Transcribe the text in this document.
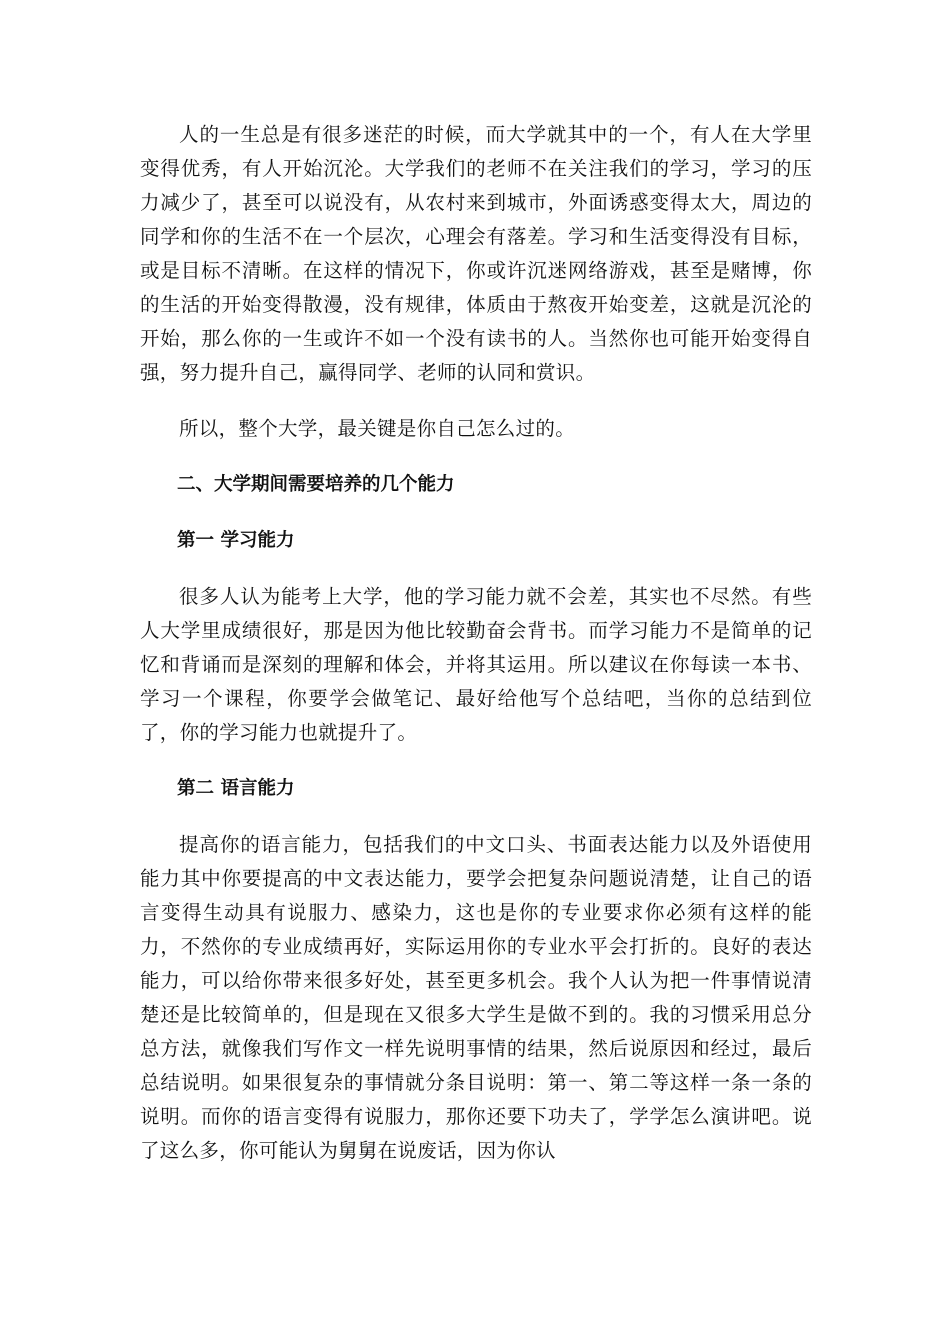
人的一生总是有很多迷茫的时候，而大学就其中的一个，有人在大学里变得优秀，有人开始沉沦。大学我们的老师不在关注我们的学习，学习的压力减少了，甚至可以说没有，从农村来到城市，外面诱惑变得太大，周边的同学和你的生活不在一个层次，心理会有落差。学习和生活变得没有目标，或是目标不清晰。在这样的情况下，你或许沉迷网络游戏，甚至是赌博，你的生活的开始变得散漫，没有规律，体质由于熬夜开始变差，这就是沉沦的开始，那么你的一生或许不如一个没有读书的人。当然你也可能开始变得自强，努力提升自己，赢得同学、老师的认同和赏识。

所以，整个大学，最关键是你自己怎么过的。

二、大学期间需要培养的几个能力

第一 学习能力

很多人认为能考上大学，他的学习能力就不会差，其实也不尽然。有些人大学里成绩很好，那是因为他比较勤奋会背书。而学习能力不是简单的记忆和背诵而是深刻的理解和体会，并将其运用。所以建议在你每读一本书、学习一个课程，你要学会做笔记、最好给他写个总结吧，当你的总结到位了，你的学习能力也就提升了。

第二 语言能力

提高你的语言能力，包括我们的中文口头、书面表达能力以及外语使用能力其中你要提高的中文表达能力，要学会把复杂问题说清楚，让自己的语言变得生动具有说服力、感染力，这也是你的专业要求你必须有这样的能力，不然你的专业成绩再好，实际运用你的专业水平会打折的。良好的表达能力，可以给你带来很多好处，甚至更多机会。我个人认为把一件事情说清楚还是比较简单的，但是现在又很多大学生是做不到的。我的习惯采用总分总方法，就像我们写作文一样先说明事情的结果，然后说原因和经过，最后总结说明。如果很复杂的事情就分条目说明：第一、第二等这样一条一条的说明。而你的语言变得有说服力，那你还要下功夫了，学学怎么演讲吧。说了这么多，你可能认为舅舅在说废话，因为你认
